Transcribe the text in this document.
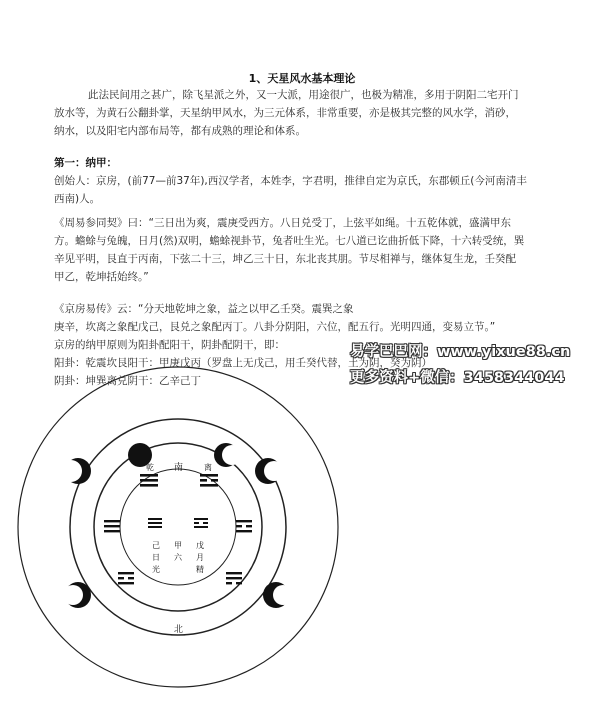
1、天星风水基本理论
此法民间用之甚广，除飞星派之外，又一大派，用途很广，也极为精准，多用于阴阳二宅开门
放水等，为黄石公翻卦掌，天星纳甲风水，为三元体系，非常重要，亦是极其完整的风水学，消砂，
纳水，以及阳宅内部布局等，都有成熟的理论和体系。
第一：纳甲：
创始人：京房，(前77—前37年),西汉学者，本姓李，字君明，推律自定为京氏，东郡顿丘(今河南清丰
西南)人。
《周易参同契》曰：“三日出为爽，震庚受西方。八日兑受丁，上弦平如绳。十五乾体就，盛满甲东
方。蟾蜍与兔魄，日月(然)双明，蟾蜍视卦节，兔者吐生光。七八道已讫曲折低下降，十六转受统，巽
辛见平明，艮直于丙南，下弦二十三，坤乙三十日，东北丧其朋。节尽相禅与，继体复生龙，壬癸配
甲乙，乾坤括始终。”
《京房易传》云：“分天地乾坤之象，益之以甲乙壬癸。震巽之象
庚辛，坎离之象配戊己，艮兑之象配丙丁。八卦分阴阳，六位，配五行。光明四通，变易立节。”
京房的纳甲原则为阳卦配阳干，阴卦配阴干，即：
阳卦：乾震坎艮阳干：甲庚戊丙（罗盘上无戊己，用壬癸代替，土为阴，癸为阴）
阴卦：坤巽离兑阴干：乙辛己丁
易学巴巴网：www.yixue88.cn
更多资料+微信：3458344044
南
北
乾	离
己 甲 戊
月
日
光
六
精
